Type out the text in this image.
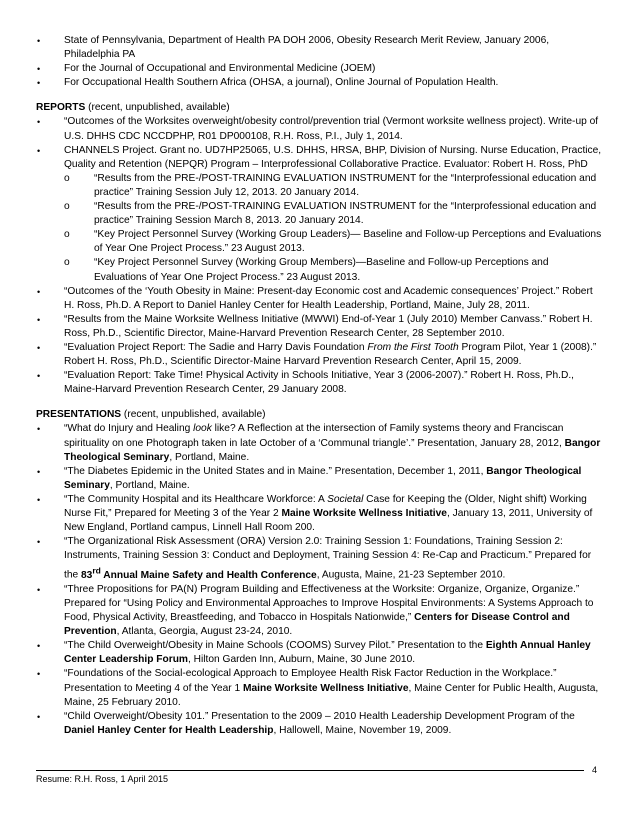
• State of Pennsylvania, Department of Health PA DOH 2006, Obesity Research Merit Review, January 2006, Philadelphia PA
• For the Journal of Occupational and Environmental Medicine (JOEM)
• For Occupational Health Southern Africa (OHSA, a journal), Online Journal of Population Health.
REPORTS (recent, unpublished, available)
• “Outcomes of the Worksites overweight/obesity control/prevention trial (Vermont worksite wellness project). Write-up of U.S. DHHS CDC NCCDPHP, R01 DP000108, R.H. Ross, P.I., July 1, 2014.
• CHANNELS Project. Grant no. UD7HP25065, U.S. DHHS, HRSA, BHP, Division of Nursing. Nurse Education, Practice, Quality and Retention (NEPQR) Program – Interprofessional Collaborative Practice. Evaluator: Robert H. Ross, PhD
o “Results from the PRE-/POST-TRAINING EVALUATION INSTRUMENT for the “Interprofessional education and practice” Training Session July 12, 2013. 20 January 2014.
o “Results from the PRE-/POST-TRAINING EVALUATION INSTRUMENT for the “Interprofessional education and practice” Training Session March 8, 2013. 20 January 2014.
o “Key Project Personnel Survey (Working Group Leaders)— Baseline and Follow-up Perceptions and Evaluations of Year One Project Process.” 23 August 2013.
o “Key Project Personnel Survey (Working Group Members)—Baseline and Follow-up Perceptions and Evaluations of Year One Project Process.” 23 August 2013.
• “Outcomes of the ‘Youth Obesity in Maine: Present-day Economic cost and Academic consequences’ Project.” Robert H. Ross, Ph.D. A Report to Daniel Hanley Center for Health Leadership, Portland, Maine, July 28, 2011.
• “Results from the Maine Worksite Wellness Initiative (MWWI) End-of-Year 1 (July 2010) Member Canvass.” Robert H. Ross, Ph.D., Scientific Director, Maine-Harvard Prevention Research Center, 28 September 2010.
• “Evaluation Project Report: The Sadie and Harry Davis Foundation From the First Tooth Program Pilot, Year 1 (2008).” Robert H. Ross, Ph.D., Scientific Director-Maine Harvard Prevention Research Center, April 15, 2009.
• “Evaluation Report: Take Time! Physical Activity in Schools Initiative, Year 3 (2006-2007).” Robert H. Ross, Ph.D., Maine-Harvard Prevention Research Center, 29 January 2008.
PRESENTATIONS (recent, unpublished, available)
• “What do Injury and Healing look like? A Reflection at the intersection of Family systems theory and Franciscan spirituality on one Photograph taken in late October of a ‘Communal triangle’.” Presentation, January 28, 2012, Bangor Theological Seminary, Portland, Maine.
• “The Diabetes Epidemic in the United States and in Maine.” Presentation, December 1, 2011, Bangor Theological Seminary, Portland, Maine.
• “The Community Hospital and its Healthcare Workforce: A Societal Case for Keeping the (Older, Night shift) Working Nurse Fit,” Prepared for Meeting 3 of the Year 2 Maine Worksite Wellness Initiative, January 13, 2011, University of New England, Portland campus, Linnell Hall Room 200.
• “The Organizational Risk Assessment (ORA) Version 2.0: Training Session 1: Foundations, Training Session 2: Instruments, Training Session 3: Conduct and Deployment, Training Session 4: Re-Cap and Practicum.” Prepared for the 83rd Annual Maine Safety and Health Conference, Augusta, Maine, 21-23 September 2010.
• “Three Propositions for PA(N) Program Building and Effectiveness at the Worksite: Organize, Organize, Organize.” Prepared for “Using Policy and Environmental Approaches to Improve Hospital Environments: A Systems Approach to Food, Physical Activity, Breastfeeding, and Tobacco in Hospitals Nationwide,” Centers for Disease Control and Prevention, Atlanta, Georgia, August 23-24, 2010.
• “The Child Overweight/Obesity in Maine Schools (COOMS) Survey Pilot.” Presentation to the Eighth Annual Hanley Center Leadership Forum, Hilton Garden Inn, Auburn, Maine, 30 June 2010.
• “Foundations of the Social-ecological Approach to Employee Health Risk Factor Reduction in the Workplace.” Presentation to Meeting 4 of the Year 1 Maine Worksite Wellness Initiative, Maine Center for Public Health, Augusta, Maine, 25 February 2010.
• “Child Overweight/Obesity 101.” Presentation to the 2009 – 2010 Health Leadership Development Program of the Daniel Hanley Center for Health Leadership, Hallowell, Maine, November 19, 2009.
4
Resume: R.H. Ross, 1 April 2015
